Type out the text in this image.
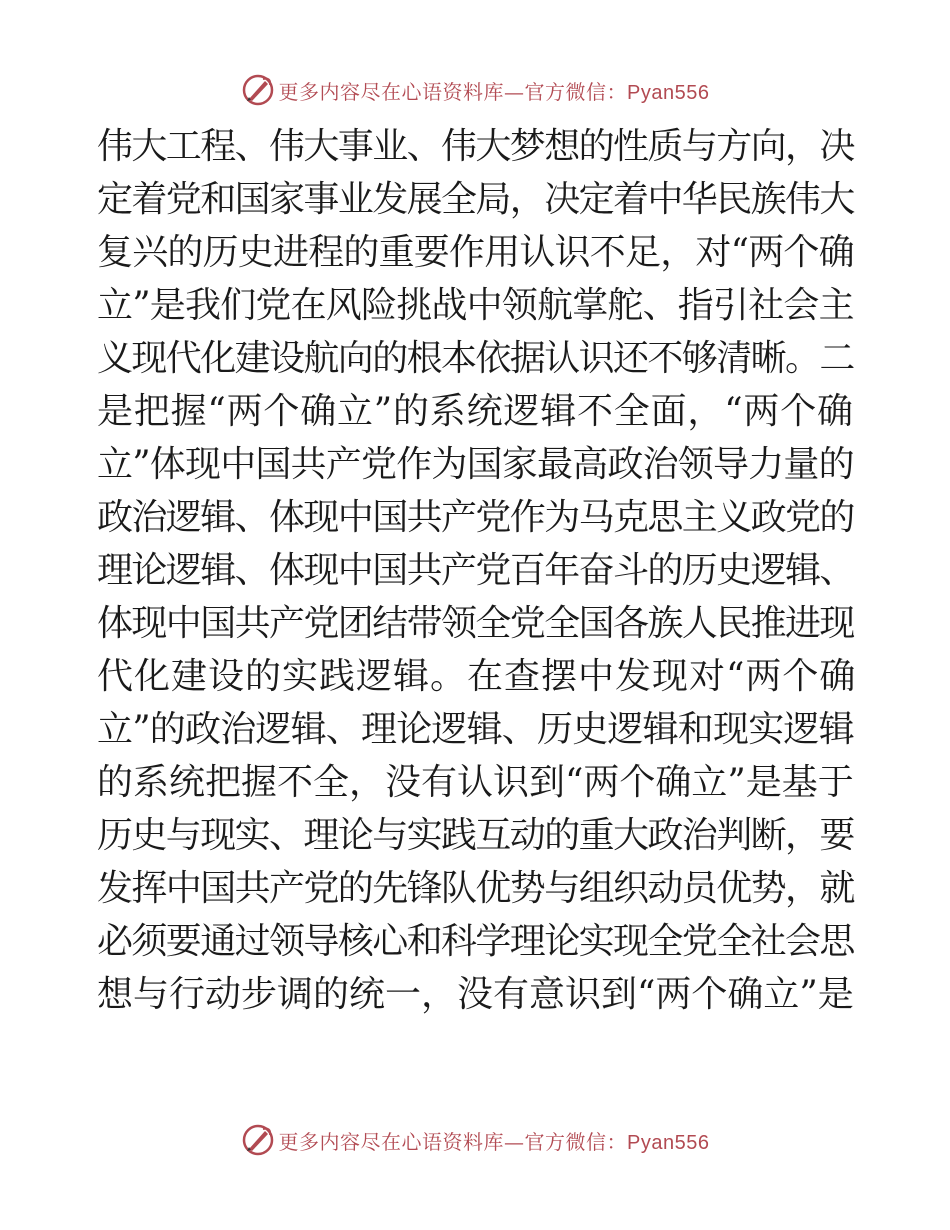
更多内容尽在心语资料库—官方微信：Pyan556
伟大工程、伟大事业、伟大梦想的性质与方向，决
定着党和国家事业发展全局，决定着中华民族伟大
复兴的历史进程的重要作用认识不足，对“两个确
立”是我们党在风险挑战中领航掌舵、指引社会主
义现代化建设航向的根本依据认识还不够清晰。二
是把握“两个确立”的系统逻辑不全面，“两个确
立”体现中国共产党作为国家最高政治领导力量的
政治逻辑、体现中国共产党作为马克思主义政党的
理论逻辑、体现中国共产党百年奋斗的历史逻辑、
体现中国共产党团结带领全党全国各族人民推进现
代化建设的实践逻辑。在查摆中发现对“两个确
立”的政治逻辑、理论逻辑、历史逻辑和现实逻辑
的系统把握不全，没有认识到“两个确立”是基于
历史与现实、理论与实践互动的重大政治判断，要
发挥中国共产党的先锋队优势与组织动员优势，就
必须要通过领导核心和科学理论实现全党全社会思
想与行动步调的统一，没有意识到“两个确立”是
更多内容尽在心语资料库—官方微信：Pyan556
